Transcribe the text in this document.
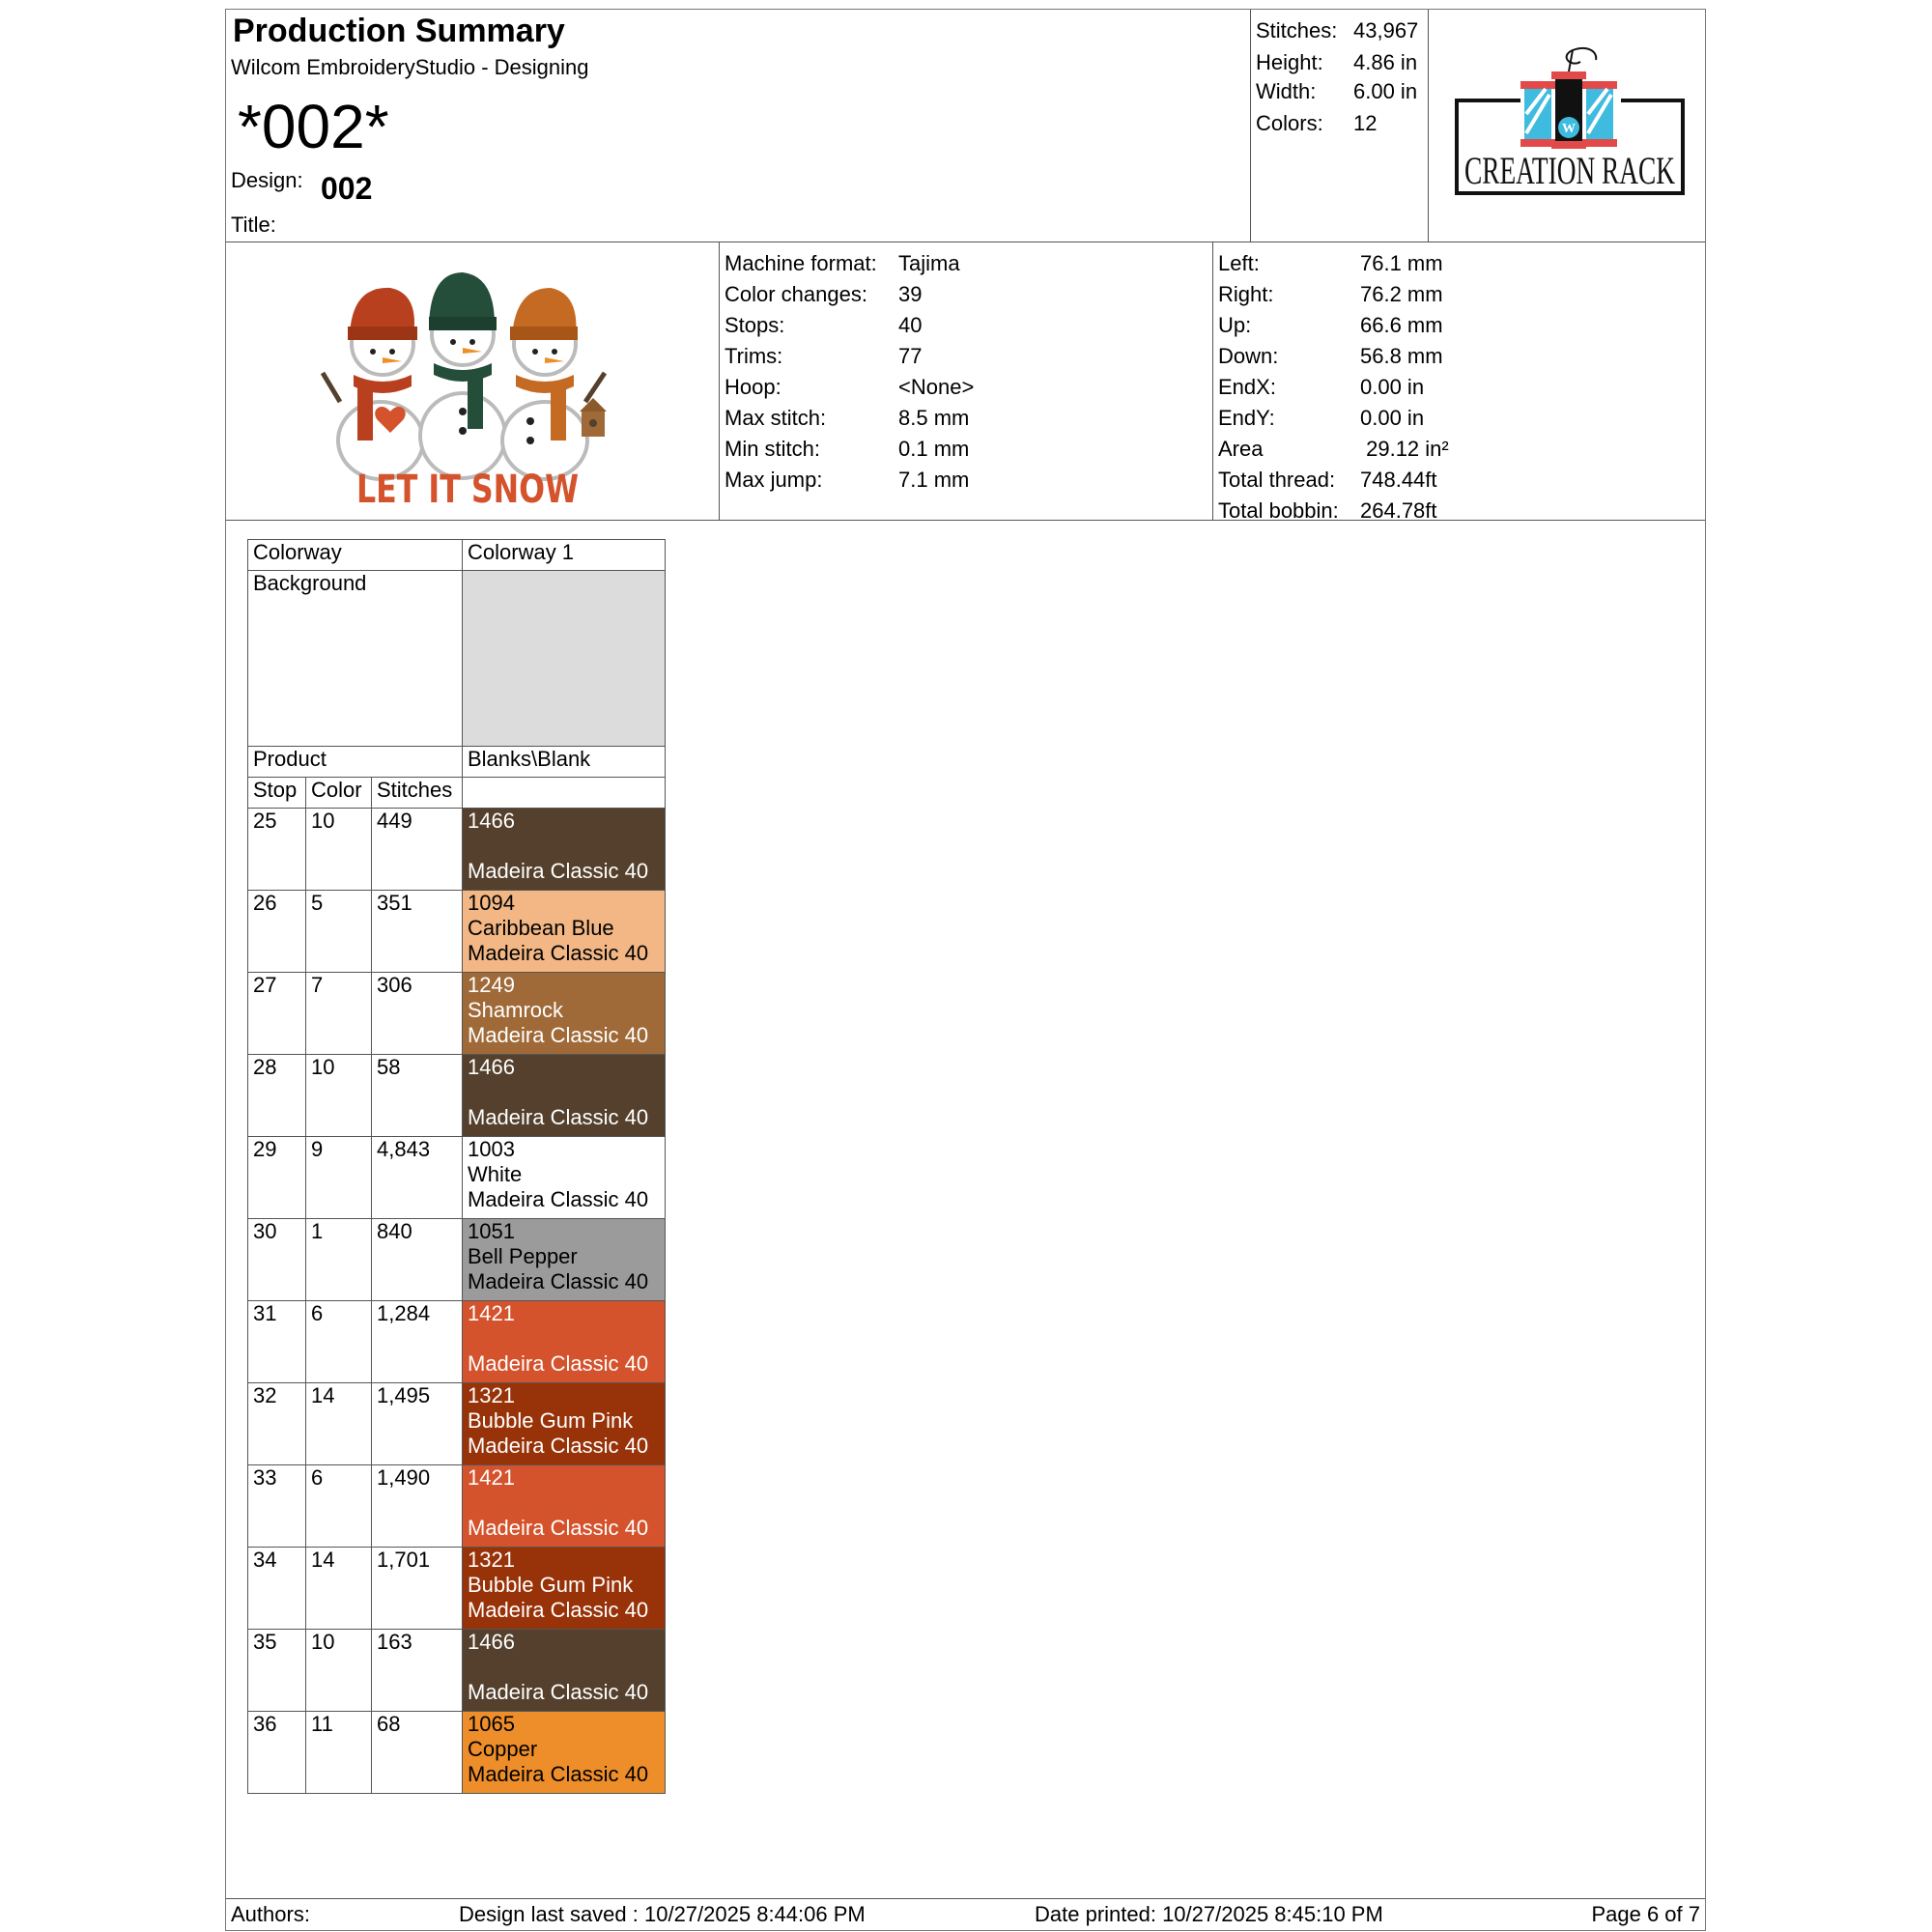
Production Summary
Wilcom EmbroideryStudio - Designing
*002*
Design: 002
Title:
Stitches: 43,967
Height: 4.86 in
Width: 6.00 in
Colors: 12	W
CREATION RACK
LET IT SNOW
Machine format: Tajima
Color changes: 39
Stops:	40
Trims:	77
Hoop:	<None>
Max stitch:	8.5 mm
Min stitch:	0.1 mm
Max jump:	7.1 mm
Left:	76.1 mm
Right:	76.2 mm
Up:	66.6 mm
Down:	56.8 mm
EndX:	0.00 in
EndY:	0.00 in
Area	29.12 in²
Total thread: 748.44ft
Total bobbin: 264.78ft
Colorway			Colorway 1
Background			
Product			Blanks\Blank
Stop	Color	Stitches	
25	10	449	1466
Madeira Classic 40

26	5	351	1094
Caribbean Blue
Madeira Classic 40

27	7	306	1249
Shamrock
Madeira Classic 40

28	10	58	1466
Madeira Classic 40

29	9	4,843	1003
White
Madeira Classic 40

30	1	840	1051
Bell Pepper
Madeira Classic 40

31	6	1,284	1421
Madeira Classic 40

32	14	1,495	1321
Bubble Gum Pink
Madeira Classic 40

33	6	1,490	1421
Madeira Classic 40

34	14	1,701	1321
Bubble Gum Pink
Madeira Classic 40

35	10	163	1466
Madeira Classic 40

36	11	68	1065
Copper
Madeira Classic 40
Authors:	Design last saved : 10/27/2025 8:44:06 PM	Date printed: 10/27/2025 8:45:10 PM	Page 6 of 7
